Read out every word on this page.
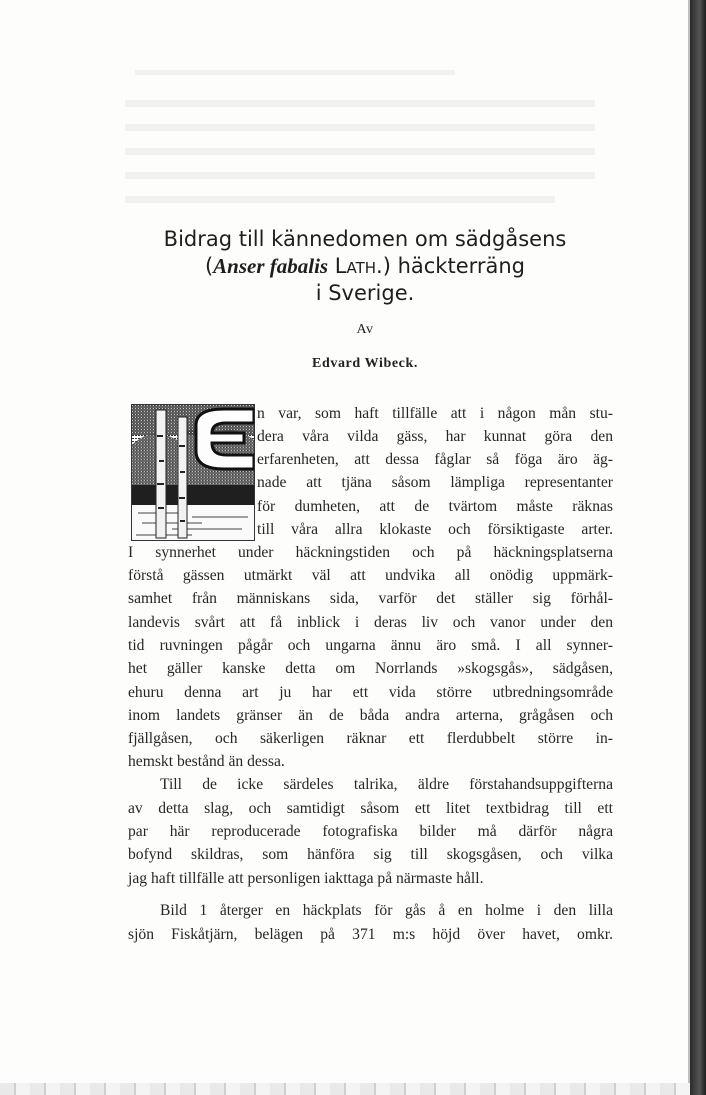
Bidrag till kännedomen om sädgåsens
(Anser fabalis Lath.) häckterräng
i Sverige.
Av
Edvard Wibeck.
n var, som haft tillfälle att i någon mån stu-
dera våra vilda gäss, har kunnat göra den
erfarenheten, att dessa fåglar så föga äro äg-
nade att tjäna såsom lämpliga representanter
för dumheten, att de tvärtom måste räknas
till våra allra klokaste och försiktigaste arter.
I synnerhet under häckningstiden och på häckningsplatserna
förstå gässen utmärkt väl att undvika all onödig uppmärk-
samhet från människans sida, varför det ställer sig förhål-
landevis svårt att få inblick i deras liv och vanor under den
tid ruvningen pågår och ungarna ännu äro små. I all synner-
het gäller kanske detta om Norrlands »skogsgås», sädgåsen,
ehuru denna art ju har ett vida större utbredningsområde
inom landets gränser än de båda andra arterna, grågåsen och
fjällgåsen, och säkerligen räknar ett flerdubbelt större in-
hemskt bestånd än dessa.
Till de icke särdeles talrika, äldre förstahandsuppgifterna
av detta slag, och samtidigt såsom ett litet textbidrag till ett
par här reproducerade fotografiska bilder må därför några
bofynd skildras, som hänföra sig till skogsgåsen, och vilka
jag haft tillfälle att personligen iakttaga på närmaste håll.
Bild 1 återger en häckplats för gås å en holme i den lilla
sjön Fiskåtjärn, belägen på 371 m:s höjd över havet, omkr.
